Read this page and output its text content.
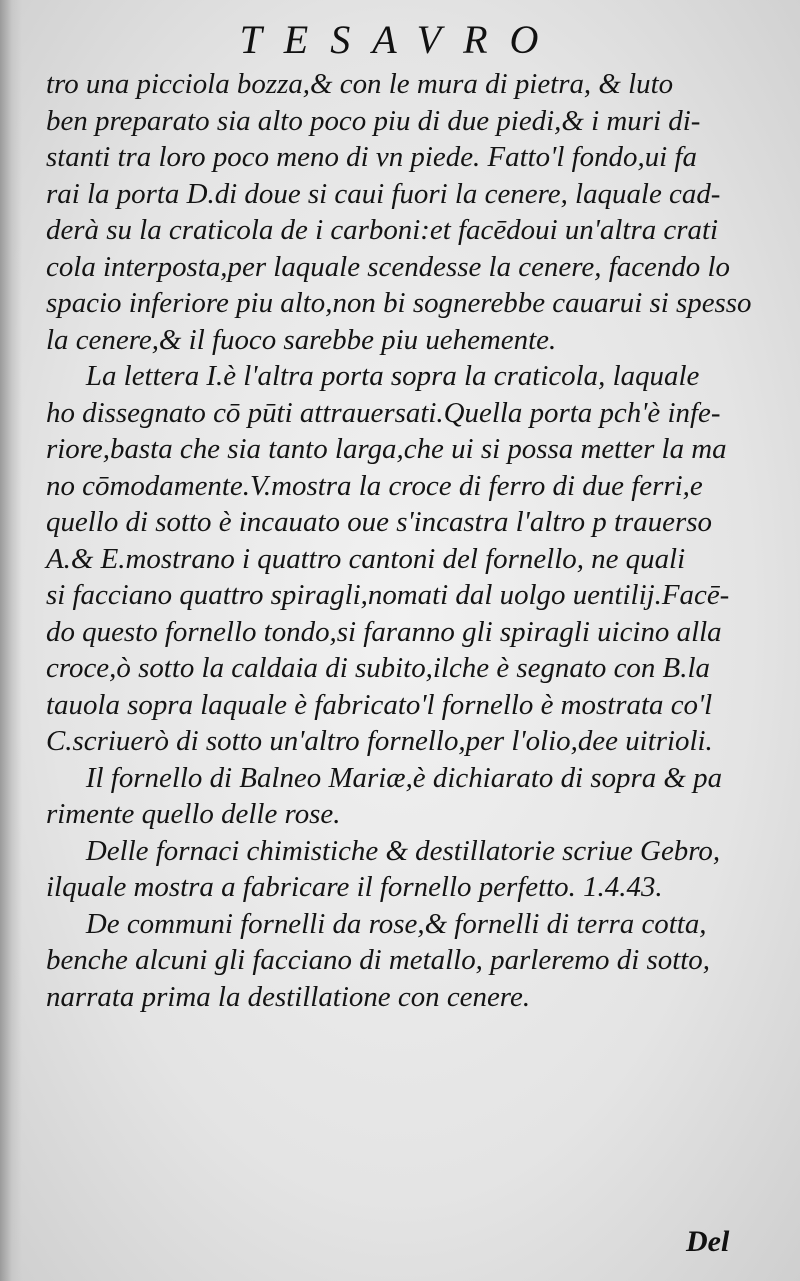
TESAVRO
tro una picciola bozza,& con le mura di pietra, & luto
ben preparato sia alto poco piu di due piedi,& i muri di-
stanti tra loro poco meno di vn piede. Fatto'l fondo,ui fa
rai la porta D.di doue si caui fuori la cenere, laquale cad-
derà su la craticola de i carboni:et facēdoui un'altra crati
cola interposta,per laquale scendesse la cenere, facendo lo
spacio inferiore piu alto,non bi sognerebbe cauarui si spesso
la cenere,& il fuoco sarebbe piu uehemente.
La lettera I.è l'altra porta sopra la craticola, laquale
ho dissegnato cō pūti attrauersati.Quella porta pch'è infe-
riore,basta che sia tanto larga,che ui si possa metter la ma
no cōmodamente.V.mostra la croce di ferro di due ferri,e
quello di sotto è incauato oue s'incastra l'altro p trauerso
A.& E.mostrano i quattro cantoni del fornello, ne quali
si facciano quattro spiragli,nomati dal uolgo uentilij.Facē-
do questo fornello tondo,si faranno gli spiragli uicino alla
croce,ò sotto la caldaia di subito,ilche è segnato con B.la
tauola sopra laquale è fabricato'l fornello è mostrata co'l
C.scriuerò di sotto un'altro fornello,per l'olio,dee uitrioli.
Il fornello di Balneo Mariæ,è dichiarato di sopra & pa
rimente quello delle rose.
Delle fornaci chimistiche & destillatorie scriue Gebro,
ilquale mostra a fabricare il fornello perfetto. 1.4.43.
De communi fornelli da rose,& fornelli di terra cotta,
benche alcuni gli facciano di metallo, parleremo di sotto,
narrata prima la destillatione con cenere.
Del
